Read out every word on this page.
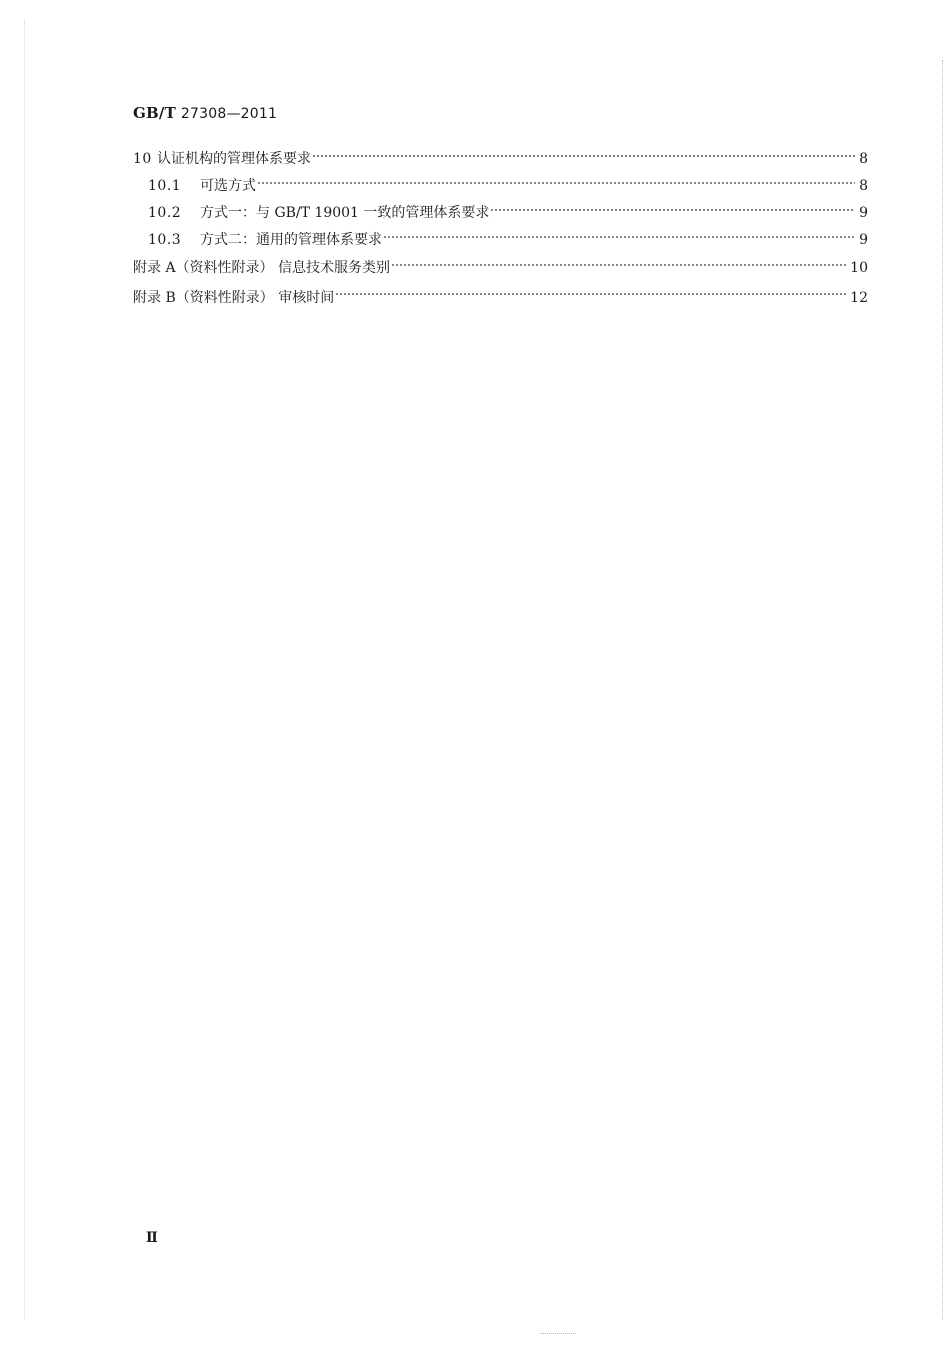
GB/T 27308—2011
10 认证机构的管理体系要求	8
10.1	可选方式	8
10.2	方式一：与 GB/T 19001 一致的管理体系要求	9
10.3	方式二：通用的管理体系要求	9
附录 A（资料性附录） 信息技术服务类别	10
附录 B（资料性附录） 审核时间	12
Ⅱ
